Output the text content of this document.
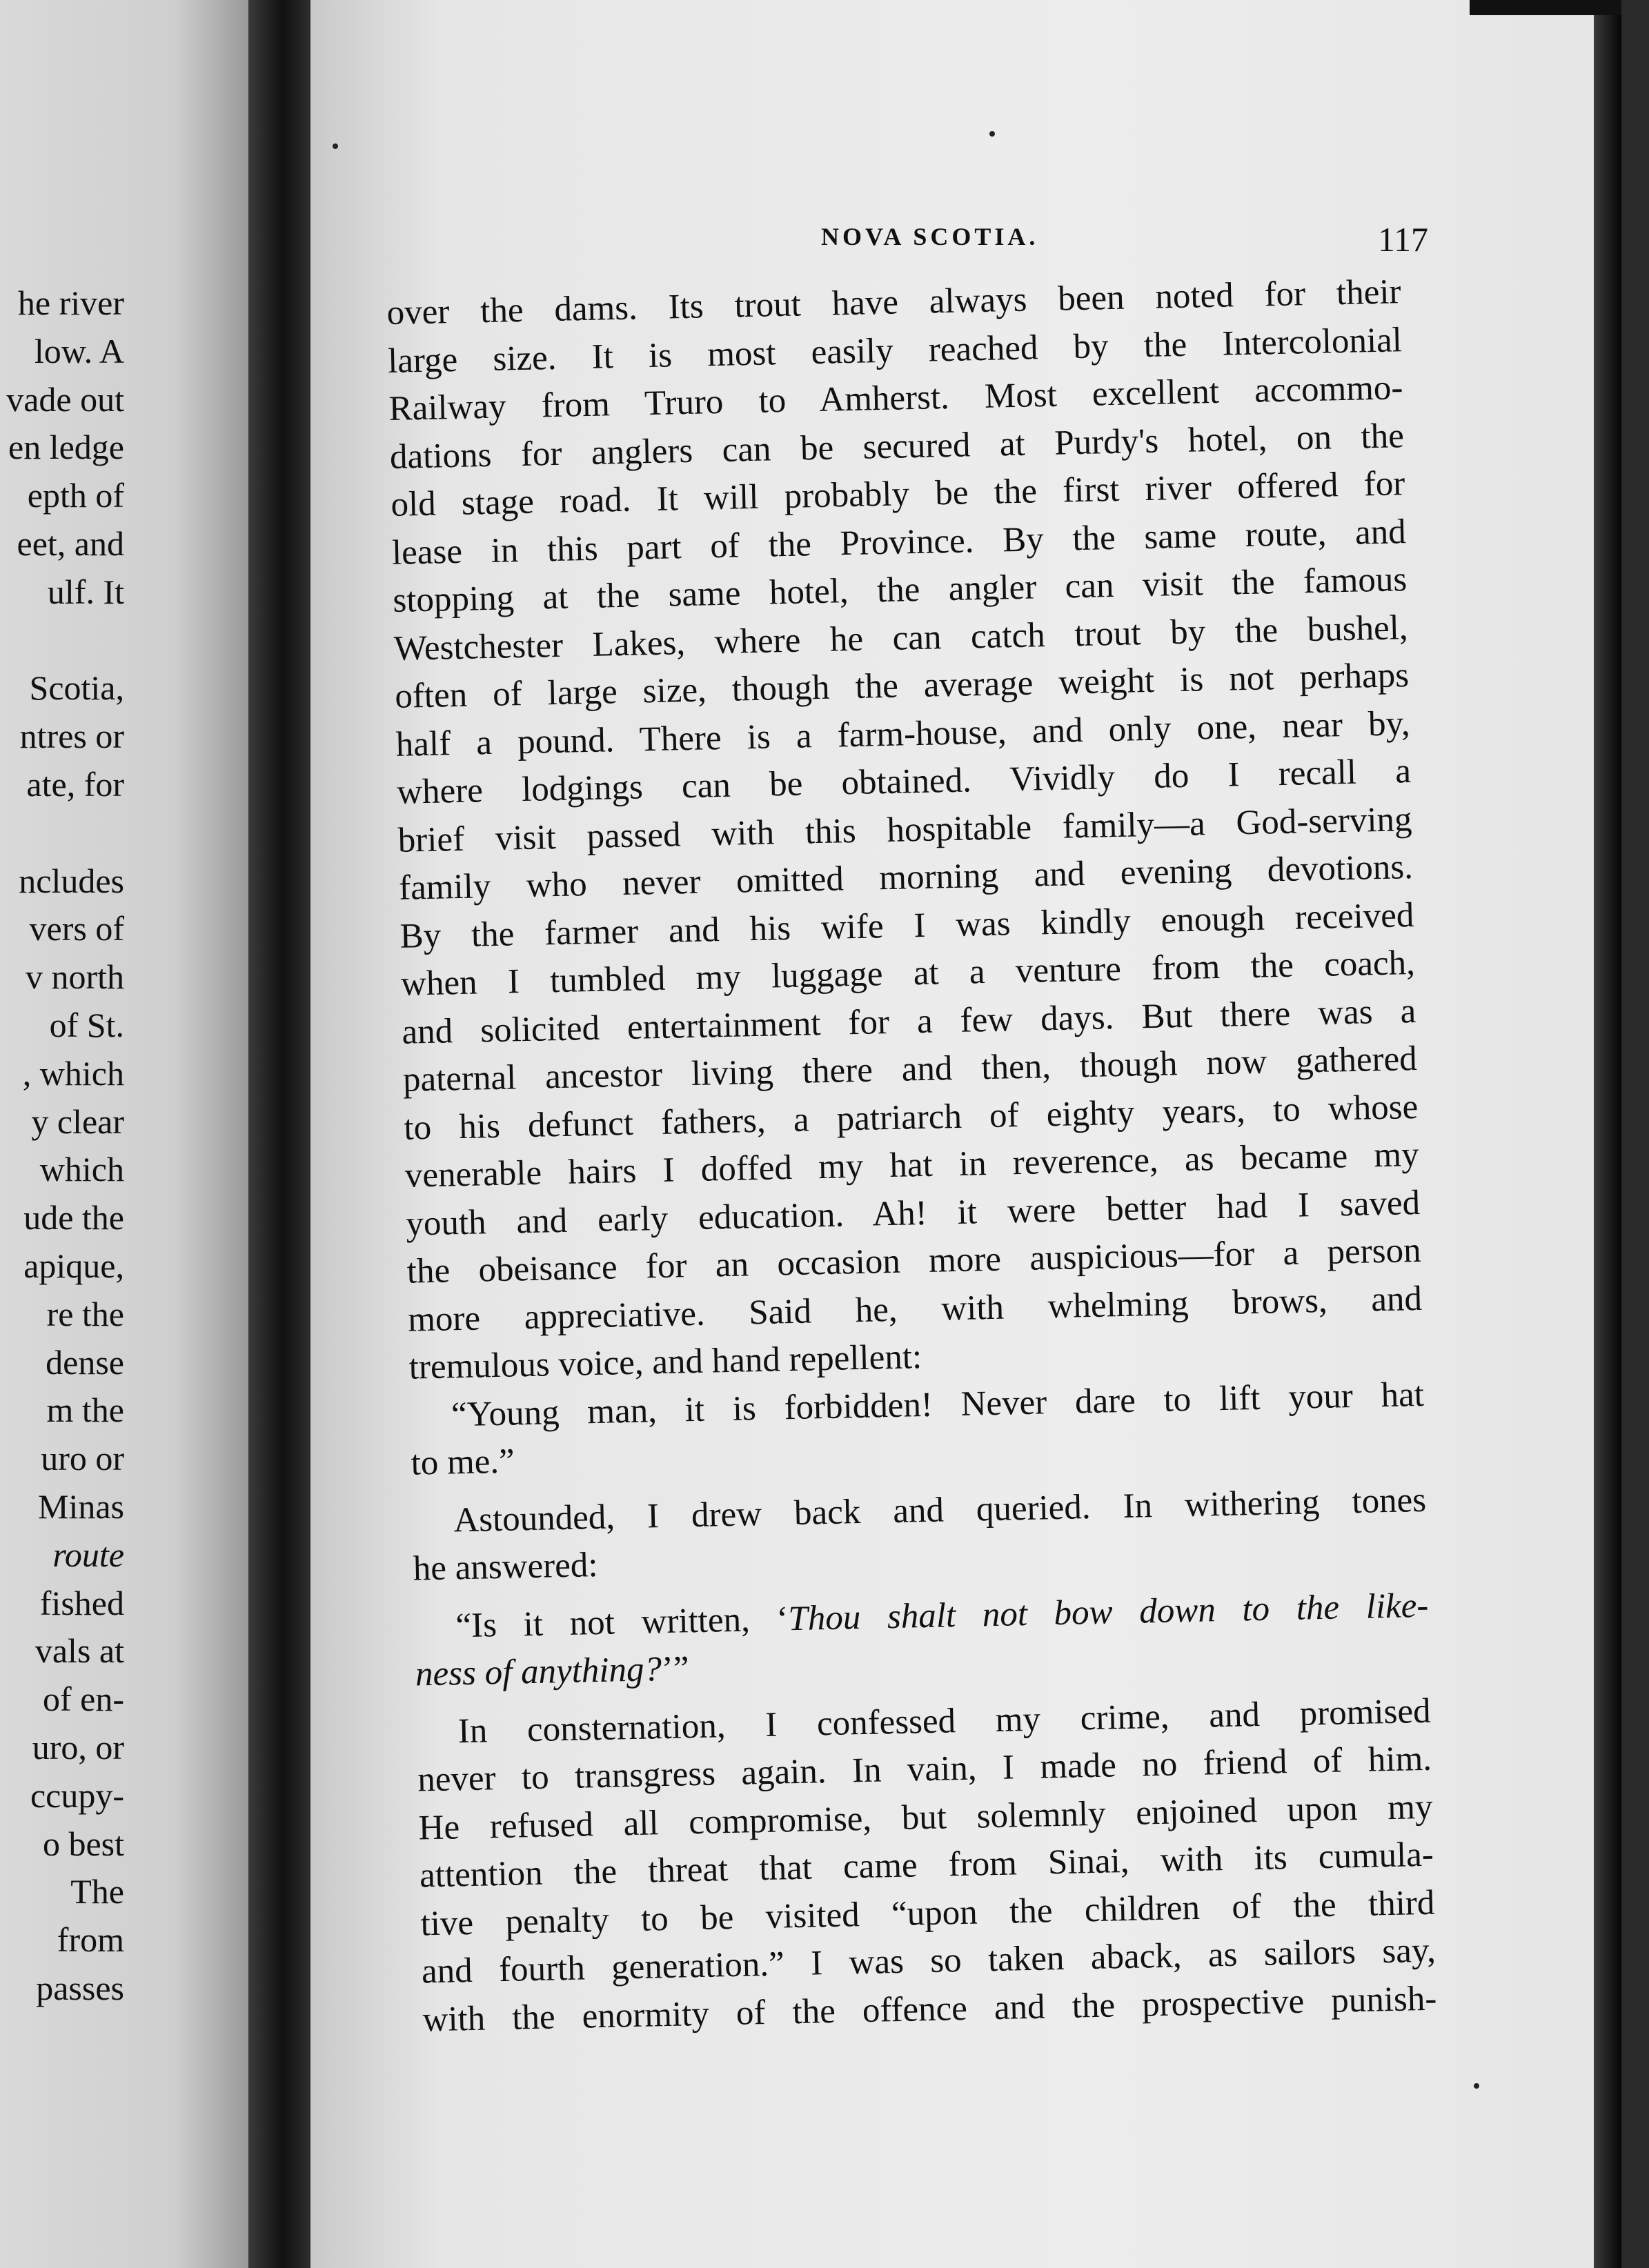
he river
low. A
vade out
en ledge
epth of
eet, and
ulf. It

Scotia,
ntres or
ate, for

ncludes
vers of
v north
of St.
, which
y clear
which
ude the
apique,
re the
dense
m the
uro or
Minas
route
fished
vals at
of en-
uro, or
ccupy-
o best
The
from
passes
NOVA SCOTIA.	117
over the dams. Its trout have always been noted for their
large size. It is most easily reached by the Intercolonial
Railway from Truro to Amherst. Most excellent accommo-
dations for anglers can be secured at Purdy's hotel, on the
old stage road. It will probably be the first river offered for
lease in this part of the Province. By the same route, and
stopping at the same hotel, the angler can visit the famous
Westchester Lakes, where he can catch trout by the bushel,
often of large size, though the average weight is not perhaps
half a pound. There is a farm-house, and only one, near by,
where lodgings can be obtained. Vividly do I recall a
brief visit passed with this hospitable family—a God-serving
family who never omitted morning and evening devotions.
By the farmer and his wife I was kindly enough received
when I tumbled my luggage at a venture from the coach,
and solicited entertainment for a few days. But there was a
paternal ancestor living there and then, though now gathered
to his defunct fathers, a patriarch of eighty years, to whose
venerable hairs I doffed my hat in reverence, as became my
youth and early education. Ah! it were better had I saved
the obeisance for an occasion more auspicious—for a person
more appreciative. Said he, with whelming brows, and
tremulous voice, and hand repellent:
“Young man, it is forbidden! Never dare to lift your hat
to me.”
Astounded, I drew back and queried. In withering tones
he answered:
“Is it not written, ‘Thou shalt not bow down to the like-
ness of anything?’”
In consternation, I confessed my crime, and promised
never to transgress again. In vain, I made no friend of him.
He refused all compromise, but solemnly enjoined upon my
attention the threat that came from Sinai, with its cumula-
tive penalty to be visited “upon the children of the third
and fourth generation.” I was so taken aback, as sailors say,
with the enormity of the offence and the prospective punish-
